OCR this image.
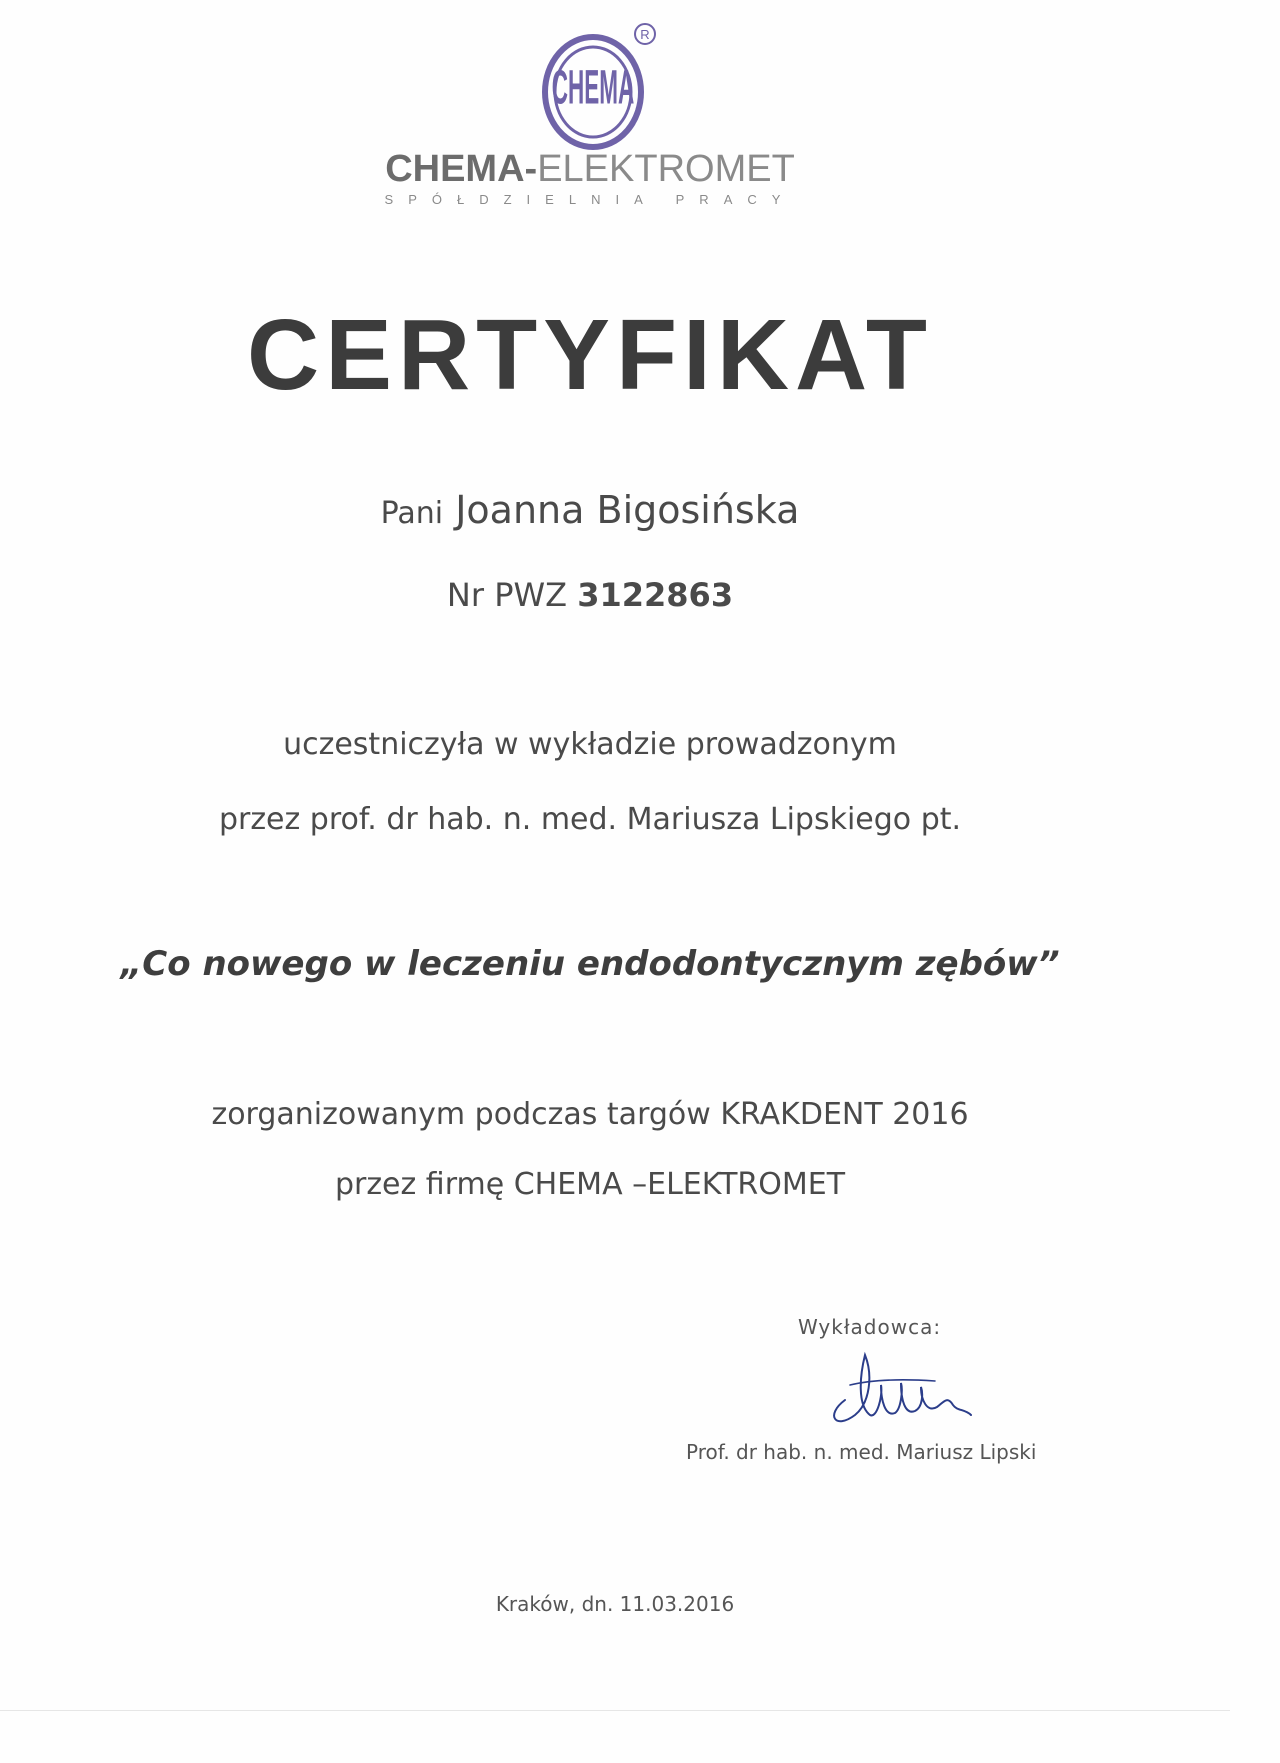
CHEMA
R
CHEMA-ELEKTROMET
SPÓŁDZIELNIA PRACY
CERTYFIKAT
Pani Joanna Bigosińska
Nr PWZ 3122863
uczestniczyła w wykładzie prowadzonym
przez prof. dr hab. n. med. Mariusza Lipskiego pt.
„Co nowego w leczeniu endodontycznym zębów”
zorganizowanym podczas targów KRAKDENT 2016
przez firmę CHEMA –ELEKTROMET
Wykładowca:
Prof. dr hab. n. med. Mariusz Lipski
Kraków, dn. 11.03.2016
